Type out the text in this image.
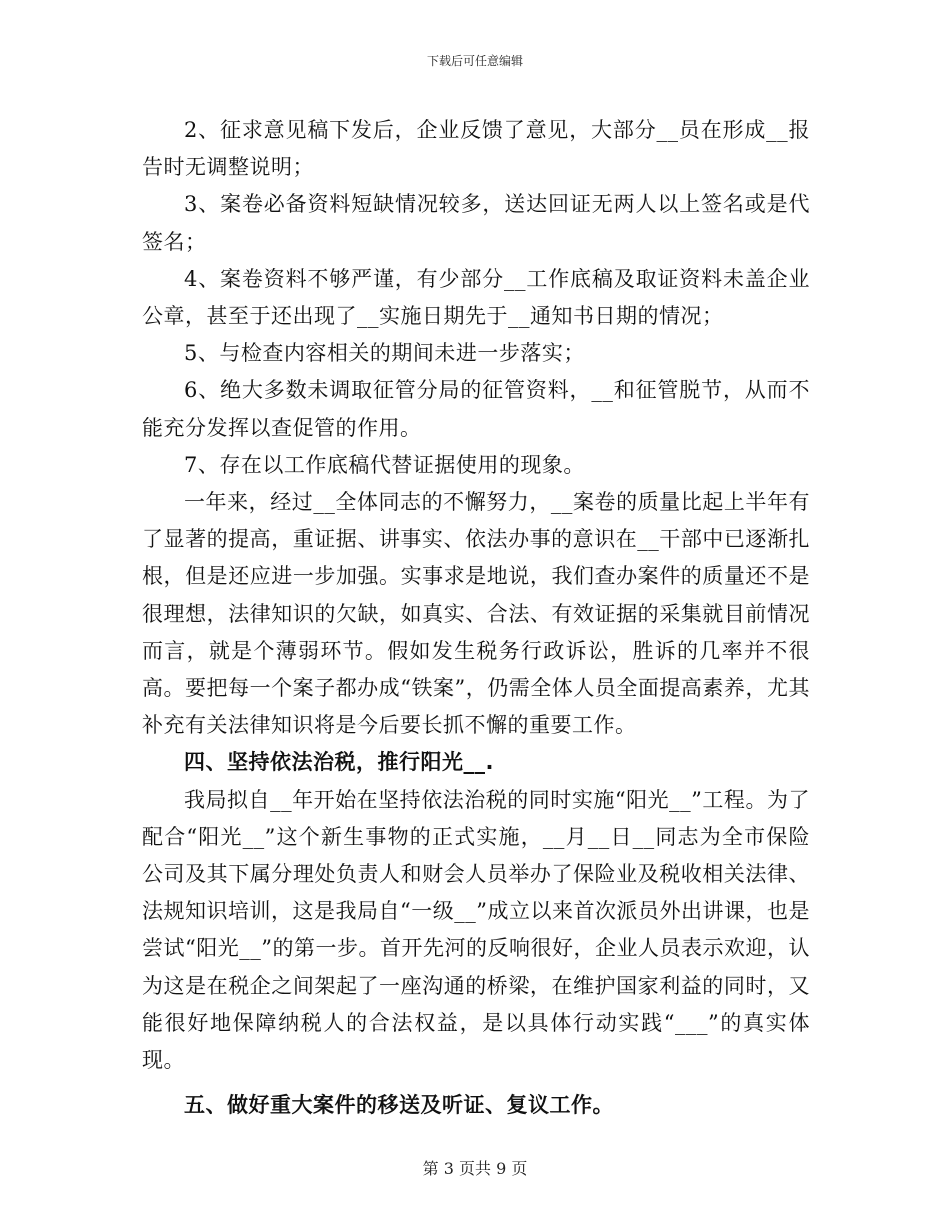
下载后可任意编辑

2、征求意见稿下发后，企业反馈了意见，大部分__员在形成__报告时无调整说明；

3、案卷必备资料短缺情况较多，送达回证无两人以上签名或是代签名；

4、案卷资料不够严谨，有少部分__工作底稿及取证资料未盖企业公章，甚至于还出现了__实施日期先于__通知书日期的情况；

5、与检查内容相关的期间未进一步落实；

6、绝大多数未调取征管分局的征管资料，__和征管脱节，从而不能充分发挥以查促管的作用。

7、存在以工作底稿代替证据使用的现象。

一年来，经过__全体同志的不懈努力，__案卷的质量比起上半年有了显著的提高，重证据、讲事实、依法办事的意识在__干部中已逐渐扎根，但是还应进一步加强。实事求是地说，我们查办案件的质量还不是很理想，法律知识的欠缺，如真实、合法、有效证据的采集就目前情况而言，就是个薄弱环节。假如发生税务行政诉讼，胜诉的几率并不很高。要把每一个案子都办成“铁案”，仍需全体人员全面提高素养，尤其补充有关法律知识将是今后要长抓不懈的重要工作。

四、坚持依法治税，推行阳光__.

我局拟自__年开始在坚持依法治税的同时实施“阳光__”工程。为了配合“阳光__”这个新生事物的正式实施，__月__日__同志为全市保险公司及其下属分理处负责人和财会人员举办了保险业及税收相关法律、法规知识培训，这是我局自“一级__”成立以来首次派员外出讲课，也是尝试“阳光__”的第一步。首开先河的反响很好，企业人员表示欢迎，认为这是在税企之间架起了一座沟通的桥梁，在维护国家利益的同时，又能很好地保障纳税人的合法权益，是以具体行动实践“___”的真实体现。

五、做好重大案件的移送及听证、复议工作。

第 3 页共 9 页
